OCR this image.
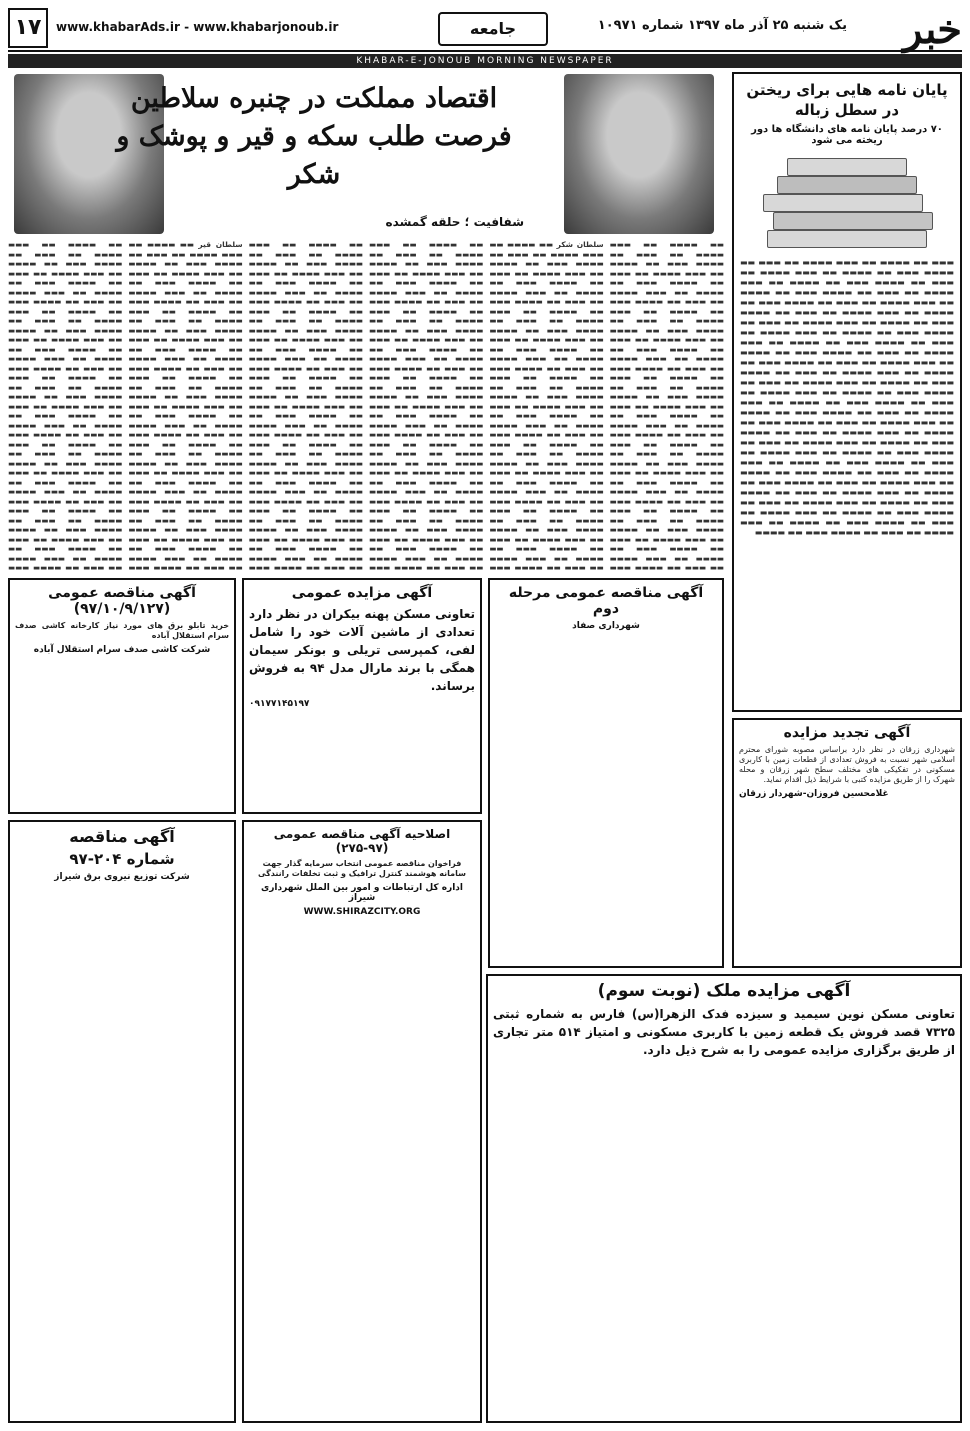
خبر
یک شنبه ۲۵ آذر ماه ۱۳۹۷ شماره ۱۰۹۷۱
جامعه
www.khabarAds.ir - www.khabarjonoub.ir
۱۷
KHABAR-E-JONOUB MORNING NEWSPAPER
پایان نامه هایی برای ریختن در سطل زباله
۷۰ درصد پایان نامه های دانشگاه ها دور ریخته می شود
▬▬▬ ▬▬ ▬▬▬▬ ▬▬ ▬▬▬ ▬▬▬▬ ▬▬ ▬▬▬ ▬▬ ▬▬▬▬ ▬▬▬ ▬▬ ▬▬▬▬ ▬▬ ▬▬▬ ▬▬▬▬ ▬▬ ▬▬▬ ▬▬ ▬▬▬▬ ▬▬▬ ▬▬ ▬▬▬▬ ▬▬ ▬▬▬ ▬▬▬▬ ▬▬ ▬▬▬ ▬▬ ▬▬▬▬ ▬▬▬ ▬▬ ▬▬▬▬ ▬▬ ▬▬▬ ▬▬▬▬ ▬▬ ▬▬▬ ▬▬ ▬▬▬▬ ▬▬▬ ▬▬ ▬▬▬▬ ▬▬ ▬▬▬ ▬▬▬▬ ▬▬ ▬▬▬ ▬▬ ▬▬▬▬ ▬▬▬ ▬▬ ▬▬▬▬ ▬▬ ▬▬▬ ▬▬▬▬ ▬▬ ▬▬▬ ▬▬ ▬▬▬▬ ▬▬▬ ▬▬ ▬▬▬▬ ▬▬ ▬▬▬ ▬▬▬▬ ▬▬ ▬▬▬ ▬▬ ▬▬▬▬ ▬▬▬ ▬▬ ▬▬▬▬ ▬▬ ▬▬▬ ▬▬▬▬ ▬▬ ▬▬▬ ▬▬ ▬▬▬▬ ▬▬▬ ▬▬ ▬▬▬▬ ▬▬ ▬▬▬ ▬▬▬▬ ▬▬ ▬▬▬ ▬▬ ▬▬▬▬ ▬▬▬ ▬▬ ▬▬▬▬ ▬▬ ▬▬▬ ▬▬▬▬ ▬▬ ▬▬▬ ▬▬ ▬▬▬▬ ▬▬▬ ▬▬ ▬▬▬▬ ▬▬ ▬▬▬ ▬▬▬▬ ▬▬ ▬▬▬ ▬▬ ▬▬▬▬ ▬▬▬ ▬▬ ▬▬▬▬ ▬▬ ▬▬▬ ▬▬▬▬ ▬▬ ▬▬▬ ▬▬ ▬▬▬▬ ▬▬▬ ▬▬ ▬▬▬▬ ▬▬ ▬▬▬ ▬▬▬▬ ▬▬ ▬▬▬ ▬▬ ▬▬▬▬ ▬▬▬ ▬▬ ▬▬▬▬ ▬▬ ▬▬▬ ▬▬▬▬ ▬▬ ▬▬▬ ▬▬ ▬▬▬▬ ▬▬▬ ▬▬ ▬▬▬▬ ▬▬ ▬▬▬ ▬▬▬▬ ▬▬ ▬▬▬ ▬▬ ▬▬▬▬ ▬▬▬ ▬▬ ▬▬▬▬ ▬▬ ▬▬▬ ▬▬▬▬ ▬▬ ▬▬▬ ▬▬ ▬▬▬▬ ▬▬▬ ▬▬ ▬▬▬▬ ▬▬ ▬▬▬ ▬▬▬▬ ▬▬ ▬▬▬ ▬▬ ▬▬▬▬ ▬▬▬ ▬▬ ▬▬▬▬ ▬▬ ▬▬▬ ▬▬▬▬ ▬▬ ▬▬▬ ▬▬ ▬▬▬▬ ▬▬▬ ▬▬ ▬▬▬▬ ▬▬ ▬▬▬ ▬▬▬▬ ▬▬ ▬▬▬ ▬▬ ▬▬▬▬ ▬▬▬ ▬▬ ▬▬▬▬ ▬▬ ▬▬▬ ▬▬▬▬ ▬▬ ▬▬▬ ▬▬ ▬▬▬▬ ▬▬▬ ▬▬ ▬▬▬▬ ▬▬ ▬▬▬ ▬▬▬▬ ▬▬ ▬▬▬ ▬▬ ▬▬▬▬ ▬▬▬ ▬▬ ▬▬▬▬ ▬▬ ▬▬▬ ▬▬▬▬ ▬▬ ▬▬▬ ▬▬ ▬▬▬▬ ▬▬▬ ▬▬ ▬▬▬▬ ▬▬ ▬▬▬ ▬▬▬▬ ▬▬ ▬▬▬ ▬▬ ▬▬▬▬ ▬▬▬ ▬▬ ▬▬▬▬
اقتصاد مملکت در چنبره سلاطین فرصت طلب سکه و قیر و پوشک و شکر
شفافیت ؛ حلقه گمشده
▬▬ ▬▬▬▬ ▬▬ ▬▬▬ ▬▬▬▬ ▬▬ ▬▬▬ ▬▬ ▬▬▬▬ ▬▬▬ ▬▬ ▬▬▬▬ ▬▬ ▬▬▬ ▬▬▬▬ ▬▬ ▬▬▬ ▬▬ ▬▬▬▬ ▬▬▬ ▬▬ ▬▬▬▬ ▬▬ ▬▬▬ ▬▬▬▬ ▬▬ ▬▬▬ ▬▬ ▬▬▬▬ ▬▬▬ ▬▬ ▬▬▬▬ ▬▬ ▬▬▬ ▬▬▬▬ ▬▬ ▬▬▬ ▬▬ ▬▬▬▬ ▬▬▬ ▬▬ ▬▬▬▬ ▬▬ ▬▬▬ ▬▬▬▬ ▬▬ ▬▬▬ ▬▬ ▬▬▬▬ ▬▬▬ ▬▬ ▬▬▬▬ ▬▬ ▬▬▬ ▬▬▬▬ ▬▬ ▬▬▬ ▬▬ ▬▬▬▬ ▬▬▬ ▬▬ ▬▬▬▬ ▬▬ ▬▬▬ ▬▬▬▬ ▬▬ ▬▬▬ ▬▬ ▬▬▬▬ ▬▬▬ ▬▬ ▬▬▬▬ ▬▬ ▬▬▬ ▬▬▬▬ ▬▬ ▬▬▬ ▬▬ ▬▬▬▬ ▬▬▬ ▬▬ ▬▬▬▬ ▬▬ ▬▬▬ ▬▬▬▬ ▬▬ ▬▬▬ ▬▬ ▬▬▬▬ ▬▬▬ ▬▬ ▬▬▬▬ ▬▬ ▬▬▬ ▬▬▬▬ ▬▬ ▬▬▬ ▬▬ ▬▬▬▬ ▬▬▬ ▬▬ ▬▬▬▬ ▬▬ ▬▬▬ ▬▬▬▬ ▬▬ ▬▬▬ ▬▬ ▬▬▬▬ ▬▬▬ ▬▬ ▬▬▬▬ ▬▬ ▬▬▬ ▬▬▬▬ ▬▬ ▬▬▬ ▬▬ ▬▬▬▬ ▬▬▬ ▬▬ ▬▬▬▬ ▬▬ ▬▬▬ ▬▬▬▬ ▬▬ ▬▬▬ ▬▬ ▬▬▬▬ ▬▬▬ ▬▬ ▬▬▬▬ ▬▬ ▬▬▬ ▬▬▬▬ ▬▬ ▬▬▬ ▬▬ ▬▬▬▬ ▬▬▬ ▬▬ ▬▬▬▬ ▬▬ ▬▬▬ ▬▬▬▬ ▬▬ ▬▬▬ ▬▬ ▬▬▬▬ ▬▬▬
سلطان شکر ▬▬ ▬▬▬▬ ▬▬ ▬▬▬ ▬▬▬▬ ▬▬ ▬▬▬ ▬▬ ▬▬▬▬ ▬▬▬ ▬▬ ▬▬▬▬ ▬▬ ▬▬▬ ▬▬▬▬ ▬▬ ▬▬▬ ▬▬ ▬▬▬▬ ▬▬▬ ▬▬ ▬▬▬▬ ▬▬ ▬▬▬ ▬▬▬▬ ▬▬ ▬▬▬ ▬▬ ▬▬▬▬ ▬▬▬ ▬▬ ▬▬▬▬ ▬▬ ▬▬▬ ▬▬▬▬ ▬▬ ▬▬▬ ▬▬ ▬▬▬▬ ▬▬▬ ▬▬ ▬▬▬▬ ▬▬ ▬▬▬ ▬▬▬▬ ▬▬ ▬▬▬ ▬▬ ▬▬▬▬ ▬▬▬ ▬▬ ▬▬▬▬ ▬▬ ▬▬▬ ▬▬▬▬ ▬▬ ▬▬▬ ▬▬ ▬▬▬▬ ▬▬▬ ▬▬ ▬▬▬▬ ▬▬ ▬▬▬ ▬▬▬▬ ▬▬ ▬▬▬ ▬▬ ▬▬▬▬ ▬▬▬ ▬▬ ▬▬▬▬ ▬▬ ▬▬▬ ▬▬▬▬ ▬▬ ▬▬▬ ▬▬ ▬▬▬▬ ▬▬▬ ▬▬ ▬▬▬▬ ▬▬ ▬▬▬ ▬▬▬▬ ▬▬ ▬▬▬ ▬▬ ▬▬▬▬ ▬▬▬ ▬▬ ▬▬▬▬ ▬▬ ▬▬▬ ▬▬▬▬ ▬▬ ▬▬▬ ▬▬ ▬▬▬▬ ▬▬▬ ▬▬ ▬▬▬▬ ▬▬ ▬▬▬ ▬▬▬▬ ▬▬ ▬▬▬ ▬▬ ▬▬▬▬ ▬▬▬ ▬▬ ▬▬▬▬ ▬▬ ▬▬▬ ▬▬▬▬ ▬▬ ▬▬▬ ▬▬ ▬▬▬▬ ▬▬▬ ▬▬ ▬▬▬▬ ▬▬ ▬▬▬ ▬▬▬▬ ▬▬ ▬▬▬ ▬▬ ▬▬▬▬ ▬▬▬ ▬▬ ▬▬▬▬ ▬▬ ▬▬▬ ▬▬▬▬ ▬▬ ▬▬▬ ▬▬ ▬▬▬▬ ▬▬▬ ▬▬ ▬▬▬▬ ▬▬ ▬▬▬ ▬▬▬▬ ▬▬ ▬▬▬ ▬▬ ▬▬▬▬ ▬▬▬
▬▬ ▬▬▬▬ ▬▬ ▬▬▬ ▬▬▬▬ ▬▬ ▬▬▬ ▬▬ ▬▬▬▬ ▬▬▬ ▬▬ ▬▬▬▬ ▬▬ ▬▬▬ ▬▬▬▬ ▬▬ ▬▬▬ ▬▬ ▬▬▬▬ ▬▬▬ ▬▬ ▬▬▬▬ ▬▬ ▬▬▬ ▬▬▬▬ ▬▬ ▬▬▬ ▬▬ ▬▬▬▬ ▬▬▬ ▬▬ ▬▬▬▬ ▬▬ ▬▬▬ ▬▬▬▬ ▬▬ ▬▬▬ ▬▬ ▬▬▬▬ ▬▬▬ ▬▬ ▬▬▬▬ ▬▬ ▬▬▬ ▬▬▬▬ ▬▬ ▬▬▬ ▬▬ ▬▬▬▬ ▬▬▬ ▬▬ ▬▬▬▬ ▬▬ ▬▬▬ ▬▬▬▬ ▬▬ ▬▬▬ ▬▬ ▬▬▬▬ ▬▬▬ ▬▬ ▬▬▬▬ ▬▬ ▬▬▬ ▬▬▬▬ ▬▬ ▬▬▬ ▬▬ ▬▬▬▬ ▬▬▬ ▬▬ ▬▬▬▬ ▬▬ ▬▬▬ ▬▬▬▬ ▬▬ ▬▬▬ ▬▬ ▬▬▬▬ ▬▬▬ ▬▬ ▬▬▬▬ ▬▬ ▬▬▬ ▬▬▬▬ ▬▬ ▬▬▬ ▬▬ ▬▬▬▬ ▬▬▬ ▬▬ ▬▬▬▬ ▬▬ ▬▬▬ ▬▬▬▬ ▬▬ ▬▬▬ ▬▬ ▬▬▬▬ ▬▬▬ ▬▬ ▬▬▬▬ ▬▬ ▬▬▬ ▬▬▬▬ ▬▬ ▬▬▬ ▬▬ ▬▬▬▬ ▬▬▬ ▬▬ ▬▬▬▬ ▬▬ ▬▬▬ ▬▬▬▬ ▬▬ ▬▬▬ ▬▬ ▬▬▬▬ ▬▬▬ ▬▬ ▬▬▬▬ ▬▬ ▬▬▬ ▬▬▬▬ ▬▬ ▬▬▬ ▬▬ ▬▬▬▬ ▬▬▬ ▬▬ ▬▬▬▬ ▬▬ ▬▬▬ ▬▬▬▬ ▬▬ ▬▬▬ ▬▬ ▬▬▬▬ ▬▬▬ ▬▬ ▬▬▬▬ ▬▬ ▬▬▬ ▬▬▬▬ ▬▬ ▬▬▬ ▬▬ ▬▬▬▬ ▬▬▬
▬▬ ▬▬▬▬ ▬▬ ▬▬▬ ▬▬▬▬ ▬▬ ▬▬▬ ▬▬ ▬▬▬▬ ▬▬▬ ▬▬ ▬▬▬▬ ▬▬ ▬▬▬ ▬▬▬▬ ▬▬ ▬▬▬ ▬▬ ▬▬▬▬ ▬▬▬ ▬▬ ▬▬▬▬ ▬▬ ▬▬▬ ▬▬▬▬ ▬▬ ▬▬▬ ▬▬ ▬▬▬▬ ▬▬▬ ▬▬ ▬▬▬▬ ▬▬ ▬▬▬ ▬▬▬▬ ▬▬ ▬▬▬ ▬▬ ▬▬▬▬ ▬▬▬ ▬▬ ▬▬▬▬ ▬▬ ▬▬▬ ▬▬▬▬ ▬▬ ▬▬▬ ▬▬ ▬▬▬▬ ▬▬▬ ▬▬ ▬▬▬▬ ▬▬ ▬▬▬ ▬▬▬▬ ▬▬ ▬▬▬ ▬▬ ▬▬▬▬ ▬▬▬ ▬▬ ▬▬▬▬ ▬▬ ▬▬▬ ▬▬▬▬ ▬▬ ▬▬▬ ▬▬ ▬▬▬▬ ▬▬▬ ▬▬ ▬▬▬▬ ▬▬ ▬▬▬ ▬▬▬▬ ▬▬ ▬▬▬ ▬▬ ▬▬▬▬ ▬▬▬ ▬▬ ▬▬▬▬ ▬▬ ▬▬▬ ▬▬▬▬ ▬▬ ▬▬▬ ▬▬ ▬▬▬▬ ▬▬▬ ▬▬ ▬▬▬▬ ▬▬ ▬▬▬ ▬▬▬▬ ▬▬ ▬▬▬ ▬▬ ▬▬▬▬ ▬▬▬ ▬▬ ▬▬▬▬ ▬▬ ▬▬▬ ▬▬▬▬ ▬▬ ▬▬▬ ▬▬ ▬▬▬▬ ▬▬▬ ▬▬ ▬▬▬▬ ▬▬ ▬▬▬ ▬▬▬▬ ▬▬ ▬▬▬ ▬▬ ▬▬▬▬ ▬▬▬ ▬▬ ▬▬▬▬ ▬▬ ▬▬▬ ▬▬▬▬ ▬▬ ▬▬▬ ▬▬ ▬▬▬▬ ▬▬▬ ▬▬ ▬▬▬▬ ▬▬ ▬▬▬ ▬▬▬▬ ▬▬ ▬▬▬ ▬▬ ▬▬▬▬ ▬▬▬ ▬▬ ▬▬▬▬ ▬▬ ▬▬▬ ▬▬▬▬ ▬▬ ▬▬▬ ▬▬ ▬▬▬▬ ▬▬▬
سلطان قیر ▬▬ ▬▬▬▬ ▬▬ ▬▬▬ ▬▬▬▬ ▬▬ ▬▬▬ ▬▬ ▬▬▬▬ ▬▬▬ ▬▬ ▬▬▬▬ ▬▬ ▬▬▬ ▬▬▬▬ ▬▬ ▬▬▬ ▬▬ ▬▬▬▬ ▬▬▬ ▬▬ ▬▬▬▬ ▬▬ ▬▬▬ ▬▬▬▬ ▬▬ ▬▬▬ ▬▬ ▬▬▬▬ ▬▬▬ ▬▬ ▬▬▬▬ ▬▬ ▬▬▬ ▬▬▬▬ ▬▬ ▬▬▬ ▬▬ ▬▬▬▬ ▬▬▬ ▬▬ ▬▬▬▬ ▬▬ ▬▬▬ ▬▬▬▬ ▬▬ ▬▬▬ ▬▬ ▬▬▬▬ ▬▬▬ ▬▬ ▬▬▬▬ ▬▬ ▬▬▬ ▬▬▬▬ ▬▬ ▬▬▬ ▬▬ ▬▬▬▬ ▬▬▬ ▬▬ ▬▬▬▬ ▬▬ ▬▬▬ ▬▬▬▬ ▬▬ ▬▬▬ ▬▬ ▬▬▬▬ ▬▬▬ ▬▬ ▬▬▬▬ ▬▬ ▬▬▬ ▬▬▬▬ ▬▬ ▬▬▬ ▬▬ ▬▬▬▬ ▬▬▬ ▬▬ ▬▬▬▬ ▬▬ ▬▬▬ ▬▬▬▬ ▬▬ ▬▬▬ ▬▬ ▬▬▬▬ ▬▬▬ ▬▬ ▬▬▬▬ ▬▬ ▬▬▬ ▬▬▬▬ ▬▬ ▬▬▬ ▬▬ ▬▬▬▬ ▬▬▬ ▬▬ ▬▬▬▬ ▬▬ ▬▬▬ ▬▬▬▬ ▬▬ ▬▬▬ ▬▬ ▬▬▬▬ ▬▬▬ ▬▬ ▬▬▬▬ ▬▬ ▬▬▬ ▬▬▬▬ ▬▬ ▬▬▬ ▬▬ ▬▬▬▬ ▬▬▬ ▬▬ ▬▬▬▬ ▬▬ ▬▬▬ ▬▬▬▬ ▬▬ ▬▬▬ ▬▬ ▬▬▬▬ ▬▬▬ ▬▬ ▬▬▬▬ ▬▬ ▬▬▬ ▬▬▬▬ ▬▬ ▬▬▬ ▬▬ ▬▬▬▬ ▬▬▬ ▬▬ ▬▬▬▬ ▬▬ ▬▬▬ ▬▬▬▬ ▬▬ ▬▬▬ ▬▬ ▬▬▬▬ ▬▬▬
▬▬ ▬▬▬▬ ▬▬ ▬▬▬ ▬▬▬▬ ▬▬ ▬▬▬ ▬▬ ▬▬▬▬ ▬▬▬ ▬▬ ▬▬▬▬ ▬▬ ▬▬▬ ▬▬▬▬ ▬▬ ▬▬▬ ▬▬ ▬▬▬▬ ▬▬▬ ▬▬ ▬▬▬▬ ▬▬ ▬▬▬ ▬▬▬▬ ▬▬ ▬▬▬ ▬▬ ▬▬▬▬ ▬▬▬ ▬▬ ▬▬▬▬ ▬▬ ▬▬▬ ▬▬▬▬ ▬▬ ▬▬▬ ▬▬ ▬▬▬▬ ▬▬▬ ▬▬ ▬▬▬▬ ▬▬ ▬▬▬ ▬▬▬▬ ▬▬ ▬▬▬ ▬▬ ▬▬▬▬ ▬▬▬ ▬▬ ▬▬▬▬ ▬▬ ▬▬▬ ▬▬▬▬ ▬▬ ▬▬▬ ▬▬ ▬▬▬▬ ▬▬▬ ▬▬ ▬▬▬▬ ▬▬ ▬▬▬ ▬▬▬▬ ▬▬ ▬▬▬ ▬▬ ▬▬▬▬ ▬▬▬ ▬▬ ▬▬▬▬ ▬▬ ▬▬▬ ▬▬▬▬ ▬▬ ▬▬▬ ▬▬ ▬▬▬▬ ▬▬▬ ▬▬ ▬▬▬▬ ▬▬ ▬▬▬ ▬▬▬▬ ▬▬ ▬▬▬ ▬▬ ▬▬▬▬ ▬▬▬ ▬▬ ▬▬▬▬ ▬▬ ▬▬▬ ▬▬▬▬ ▬▬ ▬▬▬ ▬▬ ▬▬▬▬ ▬▬▬ ▬▬ ▬▬▬▬ ▬▬ ▬▬▬ ▬▬▬▬ ▬▬ ▬▬▬ ▬▬ ▬▬▬▬ ▬▬▬ ▬▬ ▬▬▬▬ ▬▬ ▬▬▬ ▬▬▬▬ ▬▬ ▬▬▬ ▬▬ ▬▬▬▬ ▬▬▬ ▬▬ ▬▬▬▬ ▬▬ ▬▬▬ ▬▬▬▬ ▬▬ ▬▬▬ ▬▬ ▬▬▬▬ ▬▬▬ ▬▬ ▬▬▬▬ ▬▬ ▬▬▬ ▬▬▬▬ ▬▬ ▬▬▬ ▬▬ ▬▬▬▬ ▬▬▬ ▬▬ ▬▬▬▬ ▬▬ ▬▬▬ ▬▬▬▬ ▬▬ ▬▬▬ ▬▬ ▬▬▬▬ ▬▬▬
آگهی تجدید مزایده

شهرداری زرقان در نظر دارد براساس مصوبه شورای محترم اسلامی شهر نسبت به فروش تعدادی از قطعات زمین با کاربری مسکونی در تفکیکی های مختلف سطح شهر زرقان و محله شهرک را از طریق مزایده کتبی با شرایط ذیل اقدام نماید.

غلامحسین فروزان-شهردار زرقان
آگهی مزایده ملک (نوبت سوم)

تعاونی مسکن نوین سیمید و سیزده فدک الزهرا(س) فارس به شماره ثبتی ۷۳۲۵ قصد فروش یک قطعه زمین با کاربری مسکونی و امتیاز ۵۱۴ متر تجاری از طریق برگزاری مزایده عمومی را به شرح ذیل دارد.

آگهی مناقصه عمومی (۹۷/۱۰/۹/۱۲۷)

خرید تابلو برق های مورد نیاز کارخانه کاشی صدف سرام استقلال آباده

شرکت کاشی صدف سرام استقلال آباده
آگهی مزایده عمومی

تعاونی مسکن پهنه بیکران در نظر دارد تعدادی از ماشین آلات خود را شامل لفی، کمپرسی تریلی و بونکر سیمان همگی با برند مارال مدل ۹۴ به فروش برساند.

۰۹۱۷۷۱۴۵۱۹۷
آگهی مناقصه عمومی مرحله دوم
شهرداری صفاد
اصلاحیه آگهی مناقصه عمومی (۹۷-۲۷۵)

فراخوان مناقصه عمومی انتخاب سرمایه گذار جهت سامانه هوشمند کنترل ترافیک و ثبت تخلفات رانندگی

اداره کل ارتباطات و امور بین الملل شهرداری شیراز
WWW.SHIRAZCITY.ORG
آگهی مناقصه
شماره ۲۰۴-۹۷
شرکت توزیع نیروی برق شیراز
